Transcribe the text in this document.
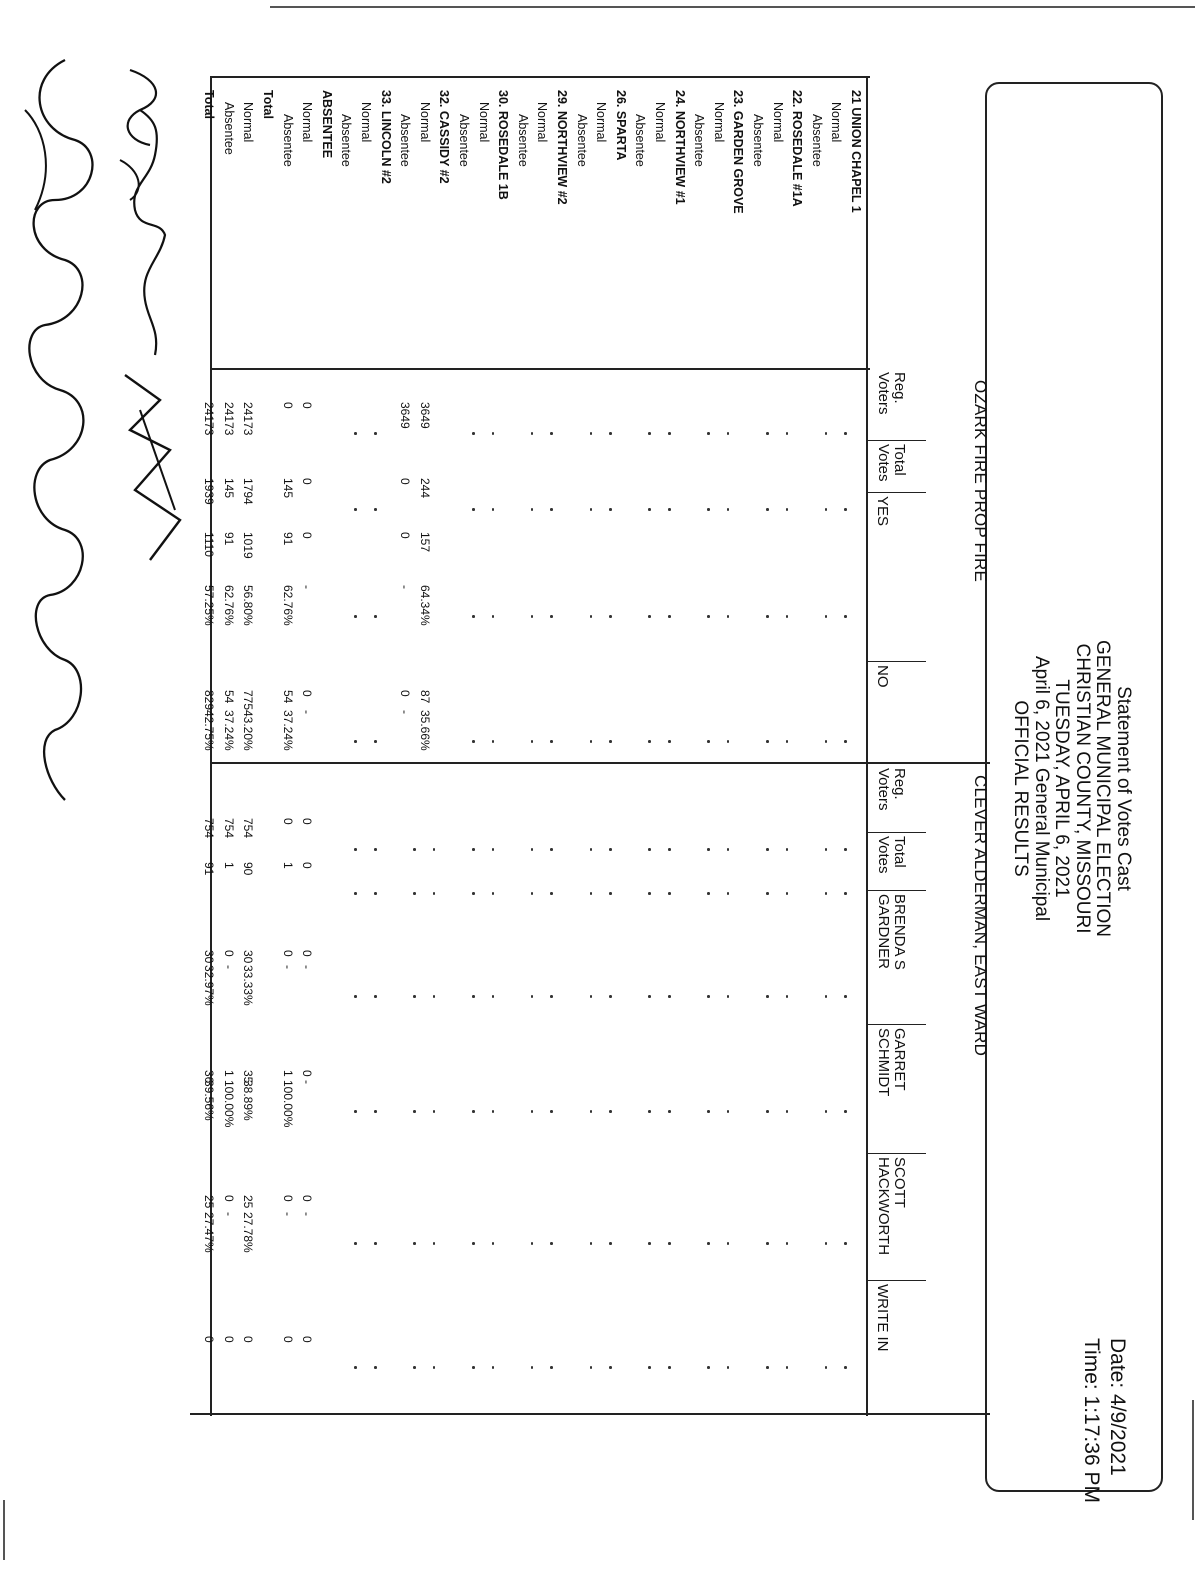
Statement of Votes Cast
GENERAL MUNICIPAL ELECTION
CHRISTIAN COUNTY, MISSOURI
TUESDAY, APRIL 6, 2021
April 6, 2021 General Municipal
OFFICIAL RESULTS
Date: 4/9/2021
Time: 1:17:36 PM
OZARK FIRE PROP FIRE
CLEVER ALDERMAN, EAST WARD
Reg.
Voters
Total
Votes
YES
NO
Reg.
Voters
Total
Votes
BRENDA S
GARDNER
GARRET
SCHMIDT
SCOTT
HACKWORTH
WRITE IN
21 UNION CHAPEL 1
Normal
Absentee
22. ROSEDALE #1A
Normal
Absentee
23. GARDEN GROVE
Normal
Absentee
24. NORTHVIEW #1
Normal
Absentee
26. SPARTA
Normal
Absentee
29. NORTHVIEW #2
Normal
Absentee
30. ROSEDALE 1B
Normal
Absentee
32. CASSIDY #2
Normal
Absentee
33. LINCOLN #2
Normal
Absentee
ABSENTEE
Normal
Absentee
Total
Normal
Absentee
Total
3649
244
157
64.34%
87
35.66%
3649
0
0
-
0
-
0
0
0
-
0
-
0
0
0
-
0
-
0
-
0
0
145
91
62.76%
54
37.24%
0
1
0
-
1
100.00%
0
-
0
24173
1794
1019
56.80%
775
43.20%
754
90
30
33.33%
35
38.89%
25
27.78%
0
24173
145
91
62.76%
54
37.24%
754
1
0
-
1
100.00%
0
-
0
24173
1939
1110
57.25%
829
42.75%
754
91
30
32.97%
36
39.56%
25
27.47%
0
